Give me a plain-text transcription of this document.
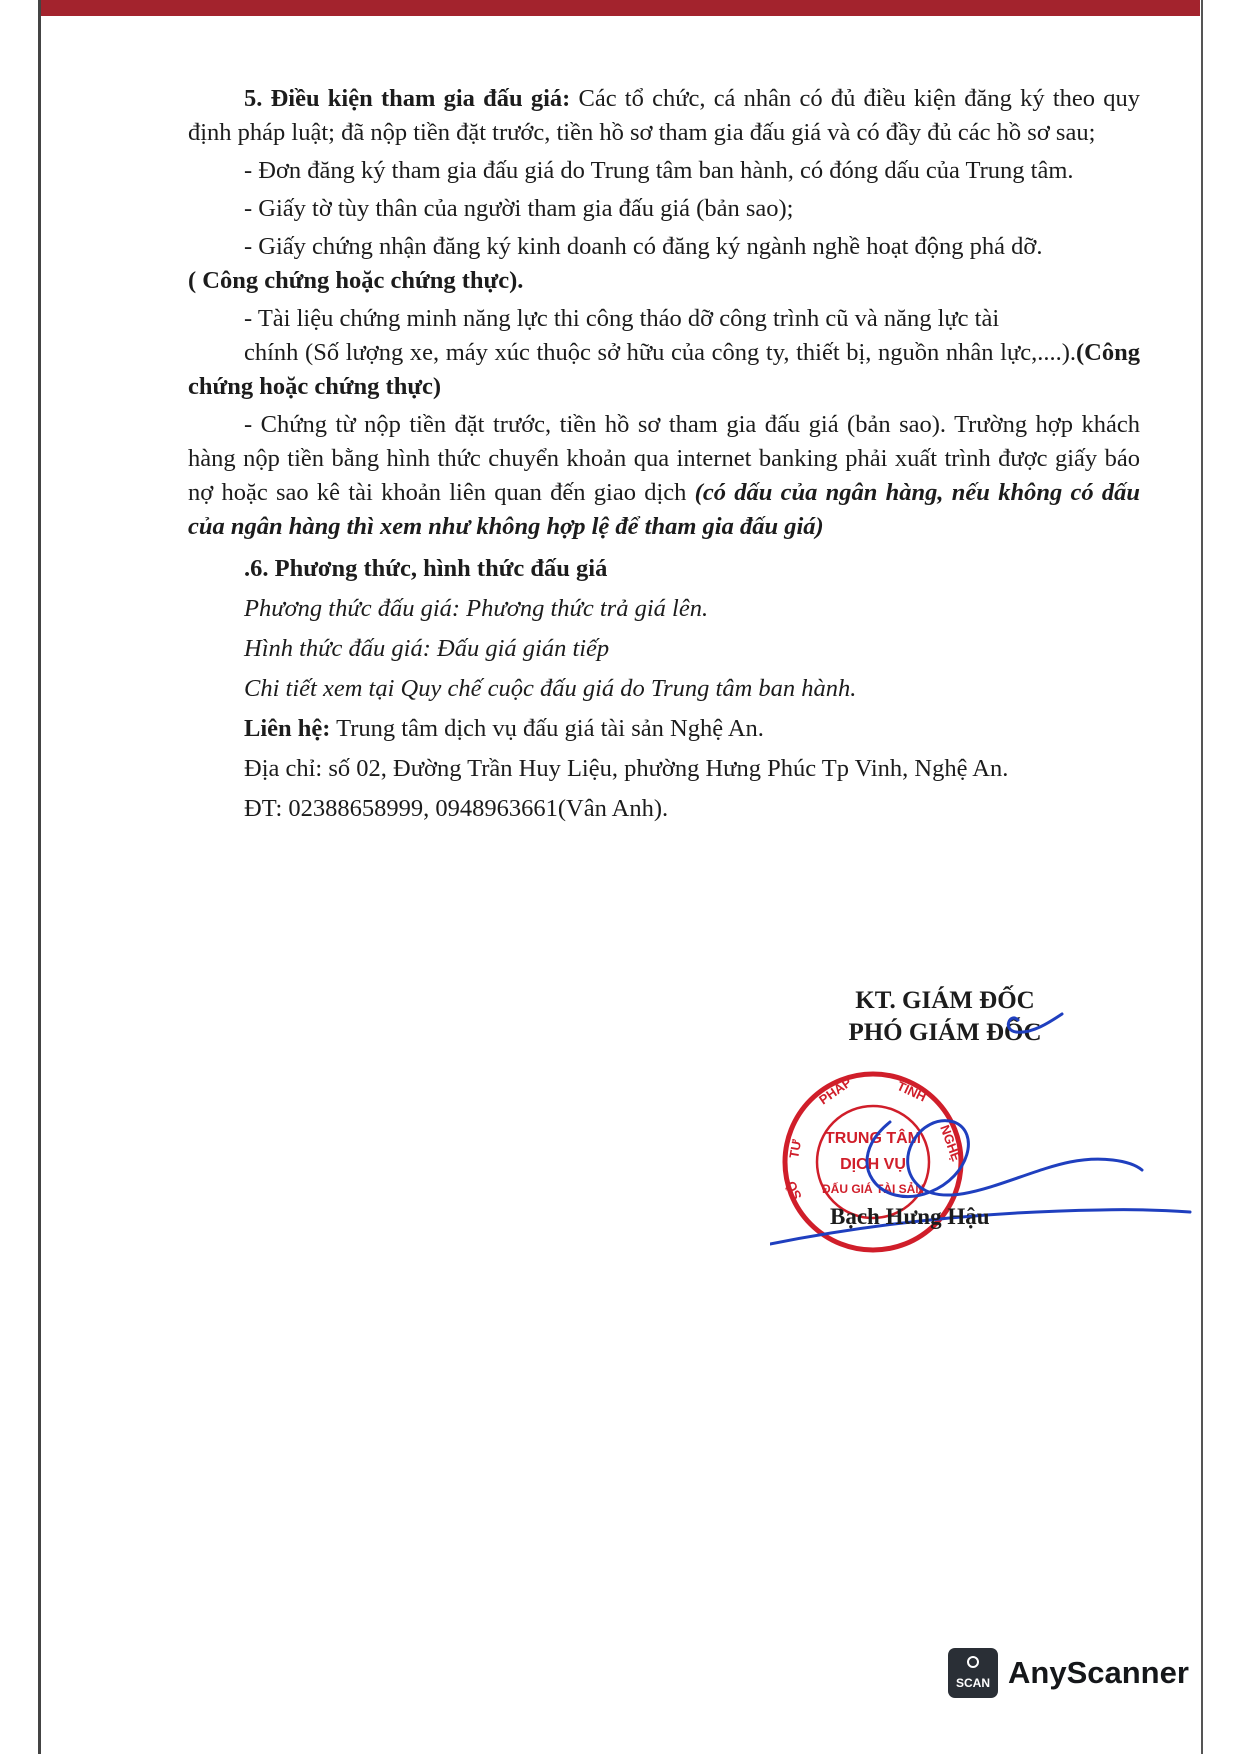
5. Điều kiện tham gia đấu giá: Các tổ chức, cá nhân có đủ điều kiện đăng ký theo quy định pháp luật; đã nộp tiền đặt trước, tiền hồ sơ tham gia đấu giá và có đầy đủ các hồ sơ sau;

- Đơn đăng ký tham gia đấu giá do Trung tâm ban hành, có đóng dấu của Trung tâm.

- Giấy tờ tùy thân của người tham gia đấu giá (bản sao);

- Giấy chứng nhận đăng ký kinh doanh có đăng ký ngành nghề hoạt động phá dỡ.

( Công chứng hoặc chứng thực).

- Tài liệu chứng minh năng lực thi công tháo dỡ công trình cũ và năng lực tài

chính (Số lượng xe, máy xúc thuộc sở hữu của công ty, thiết bị, nguồn nhân lực,....).(Công chứng hoặc chứng thực)

- Chứng từ nộp tiền đặt trước, tiền hồ sơ tham gia đấu giá (bản sao). Trường hợp khách hàng nộp tiền bằng hình thức chuyển khoản qua internet banking phải xuất trình được giấy báo nợ hoặc sao kê tài khoản liên quan đến giao dịch (có dấu của ngân hàng, nếu không có dấu của ngân hàng thì xem như không hợp lệ để tham gia đấu giá)

.6. Phương thức, hình thức đấu giá

Phương thức đấu giá: Phương thức trả giá lên.

Hình thức đấu giá: Đấu giá gián tiếp

Chi tiết xem tại Quy chế cuộc đấu giá do Trung tâm ban hành.

Liên hệ: Trung tâm dịch vụ đấu giá tài sản Nghệ An.

Địa chỉ: số 02, Đường Trần Huy Liệu, phường Hưng Phúc Tp Vinh, Nghệ An.

ĐT: 02388658999, 0948963661(Vân Anh).

KT. GIÁM ĐỐC
PHÓ GIÁM ĐỐC
TƯ
PHÁP	TỈNH
NGHỆ
SỞ
TRUNG TÂM
DỊCH VỤ
ĐẤU GIÁ TÀI SẢN
Bạch Hưng Hậu
SCAN AnyScanner
